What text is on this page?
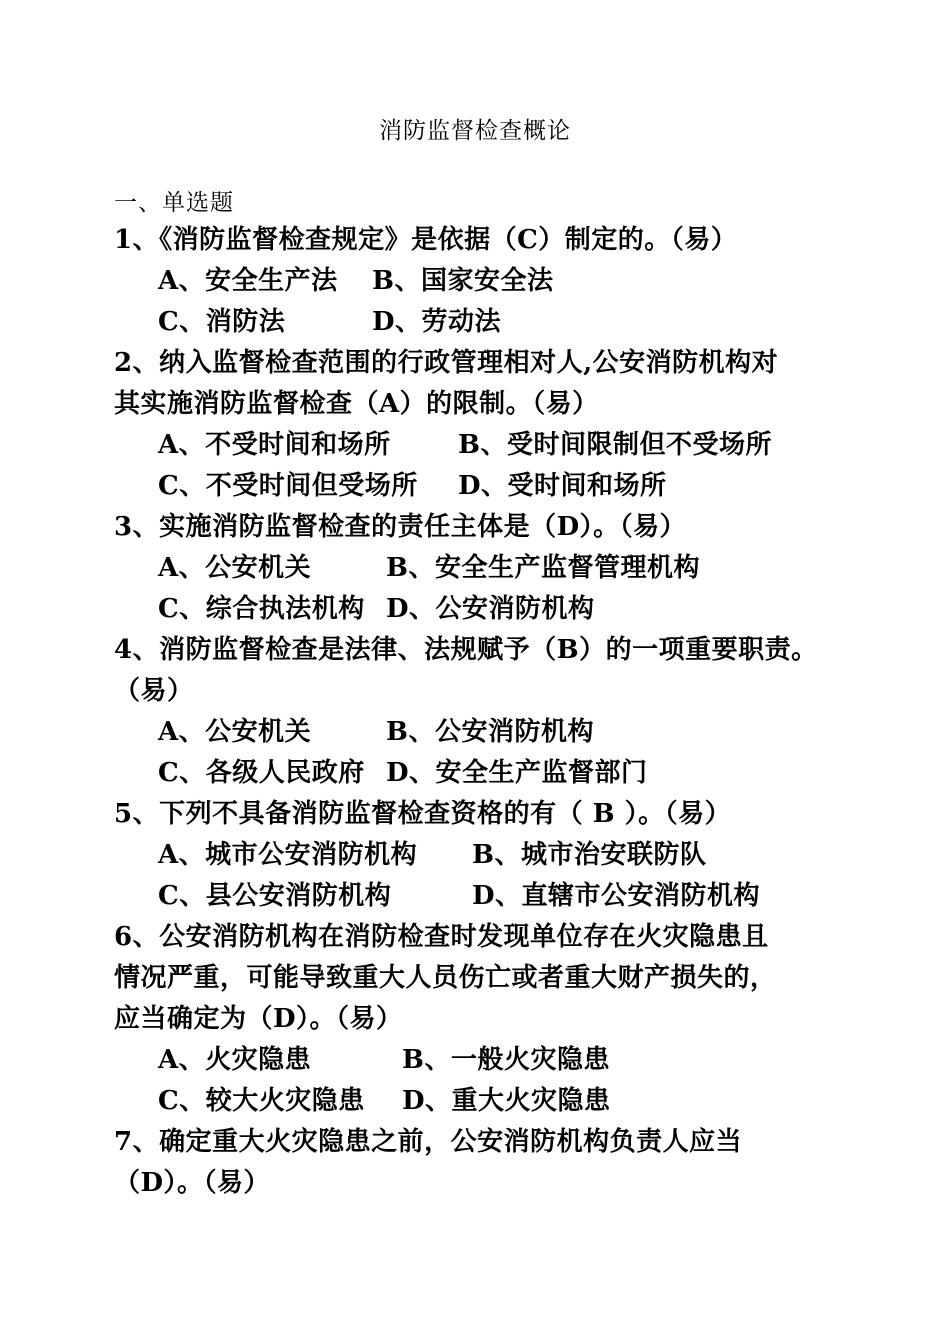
消防监督检查概论
一、单选题
1、《消防监督检查规定》是依据（C）制定的。（易）
A、安全生产法 B、国家安全法
C、消防法	D、劳动法
2、纳入监督检查范围的行政管理相对人,公安消防机构对
其实施消防监督检查（A）的限制。（易）
A、不受时间和场所	B、受时间限制但不受场所
C、不受时间但受场所 D、受时间和场所
3、实施消防监督检查的责任主体是（D）。（易）
A、公安机关	B、安全生产监督管理机构
C、综合执法机构 D、公安消防机构
4、消防监督检查是法律、法规赋予（B）的一项重要职责。
（易）
A、公安机关	B、公安消防机构
C、各级人民政府 D、安全生产监督部门
5、下列不具备消防监督检查资格的有（ B ）。（易）
A、城市公安消防机构 B、城市治安联防队
C、县公安消防机构	D、直辖市公安消防机构
6、公安消防机构在消防检查时发现单位存在火灾隐患且
情况严重，可能导致重大人员伤亡或者重大财产损失的，
应当确定为（D）。（易）
A、火灾隐患	B、一般火灾隐患
C、较大火灾隐患 D、重大火灾隐患
7、确定重大火灾隐患之前，公安消防机构负责人应当
（D）。（易）
